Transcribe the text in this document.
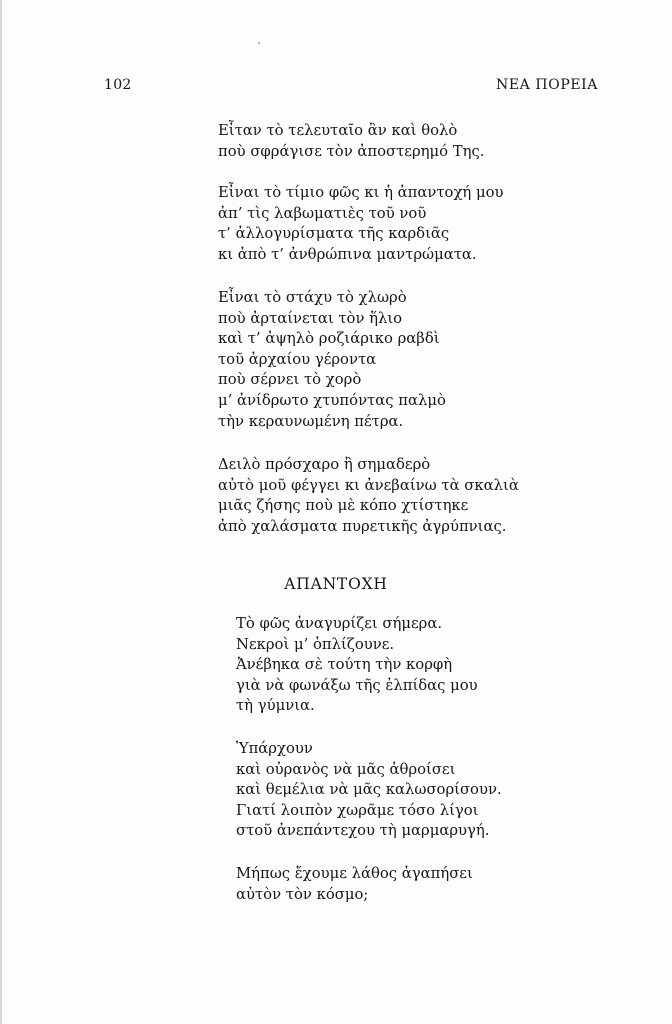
102	ΝΕΑ ΠΟΡΕΙΑ
Εἶταν τὸ τελευταῖο ἂν καὶ θολὸ
ποὺ σφράγισε τὸν ἀποστερημό Της.
Εἶναι τὸ τίμιο φῶς κι ἡ ἀπαντοχή μου
ἀπ’ τὶς λαβωματιὲς τοῦ νοῦ
τ’ ἀλλογυρίσματα τῆς καρδιᾶς
κι ἀπὸ τ’ ἀνθρώπινα μαντρώματα.
Εἶναι τὸ στάχυ τὸ χλωρὸ
ποὺ ἀρταίνεται τὸν ἥλιο
καὶ τ’ ἀψηλὸ ροζιάρικο ραβδὶ
τοῦ ἀρχαίου γέροντα
ποὺ σέρνει τὸ χορὸ
μ’ ἀνίδρωτο χτυπόντας παλμὸ
τὴν κεραυνωμένη πέτρα.
Δειλὸ πρόσχαρο ἢ σημαδερὸ
αὐτὸ μοῦ φέγγει κι ἀνεβαίνω τὰ σκαλιὰ
μιᾶς ζήσης ποὺ μὲ κόπο χτίστηκε
ἀπὸ χαλάσματα πυρετικῆς ἀγρύπνιας.
ΑΠΑΝΤΟΧΗ
Τὸ φῶς ἀναγυρίζει σήμερα.
Νεκροὶ μ’ ὁπλίζουνε.
Ἀνέβηκα σὲ τούτη τὴν κορφὴ
γιὰ νὰ φωνάξω τῆς ἐλπίδας μου
τὴ γύμνια.
Ὑπάρχουν
καὶ οὐρανὸς νὰ μᾶς ἀθροίσει
καὶ θεμέλια νὰ μᾶς καλωσορίσουν.
Γιατί λοιπὸν χωρᾶμε τόσο λίγοι
στοῦ ἀνεπάντεχου τὴ μαρμαρυγή.
Μήπως ἔχουμε λάθος ἀγαπήσει
αὐτὸν τὸν κόσμο;
